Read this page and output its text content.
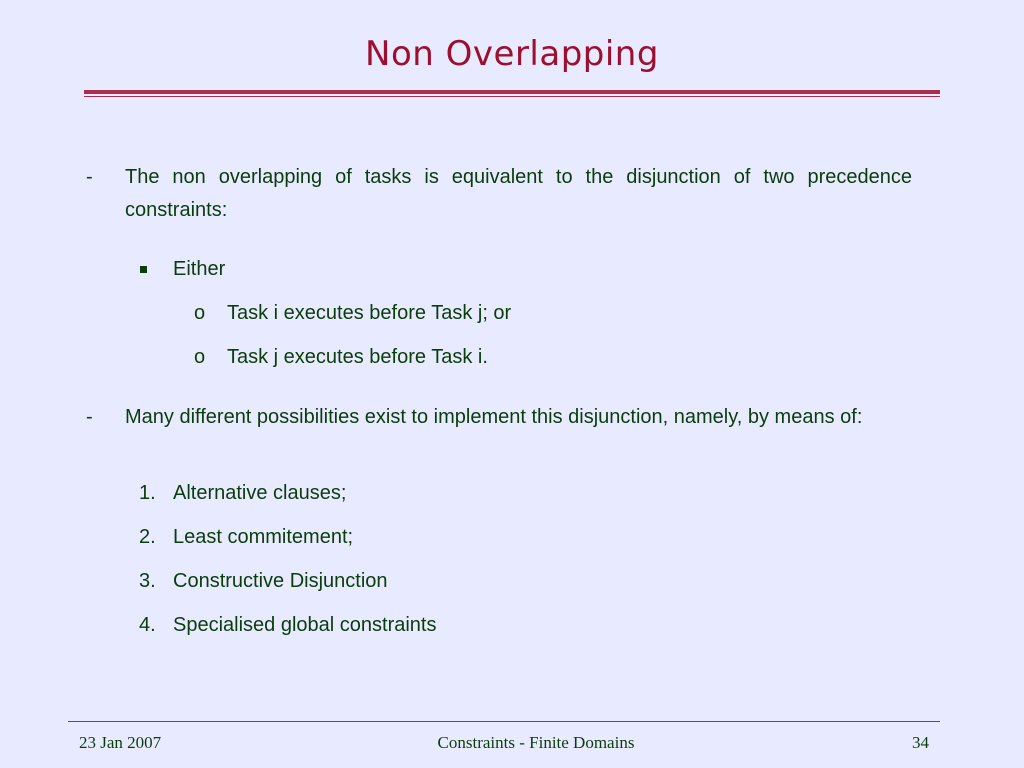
Non Overlapping
- The non overlapping of tasks is equivalent to the disjunction of two precedence constraints:
Either
o Task i executes before Task j; or
o Task j executes before Task i.
- Many different possibilities exist to implement this disjunction, namely, by means of:
1. Alternative clauses;
2. Least commitement;
3. Constructive Disjunction
4. Specialised global constraints
23 Jan 2007	Constraints - Finite Domains	34
